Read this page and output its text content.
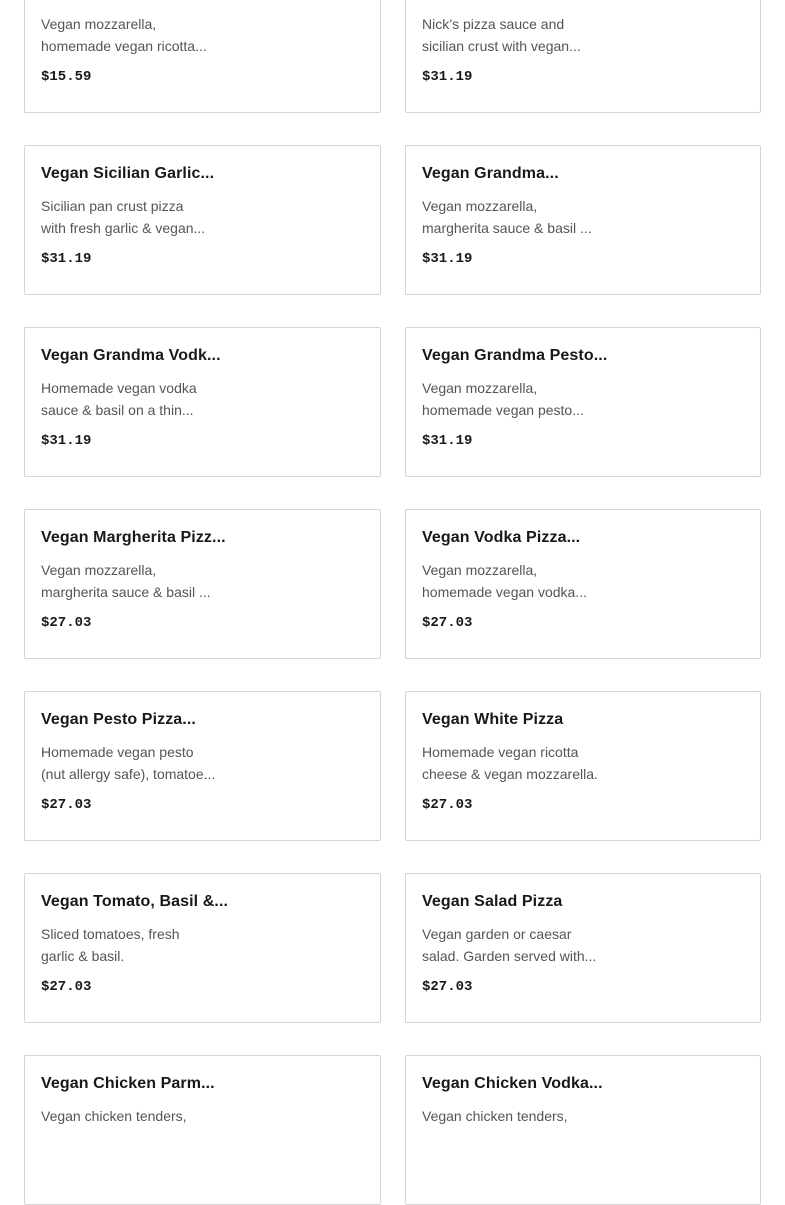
Vegan mozzarella,
homemade vegan ricotta...
$15.59
Nick’s pizza sauce and
sicilian crust with vegan...
$31.19
Vegan Sicilian Garlic...
Sicilian pan crust pizza
with fresh garlic & vegan...
$31.19
Vegan Grandma...
Vegan mozzarella,
margherita sauce & basil ...
$31.19
Vegan Grandma Vodk...
Homemade vegan vodka
sauce & basil on a thin...
$31.19
Vegan Grandma Pesto...
Vegan mozzarella,
homemade vegan pesto...
$31.19
Vegan Margherita Pizz...
Vegan mozzarella,
margherita sauce & basil ...
$27.03
Vegan Vodka Pizza...
Vegan mozzarella,
homemade vegan vodka...
$27.03
Vegan Pesto Pizza...
Homemade vegan pesto
(nut allergy safe), tomatoe...
$27.03
Vegan White Pizza
Homemade vegan ricotta
cheese & vegan mozzarella.
$27.03
Vegan Tomato, Basil &...
Sliced tomatoes, fresh
garlic & basil.
$27.03
Vegan Salad Pizza
Vegan garden or caesar
salad. Garden served with...
$27.03
Vegan Chicken Parm...
Vegan chicken tenders,
Vegan Chicken Vodka...
Vegan chicken tenders,
